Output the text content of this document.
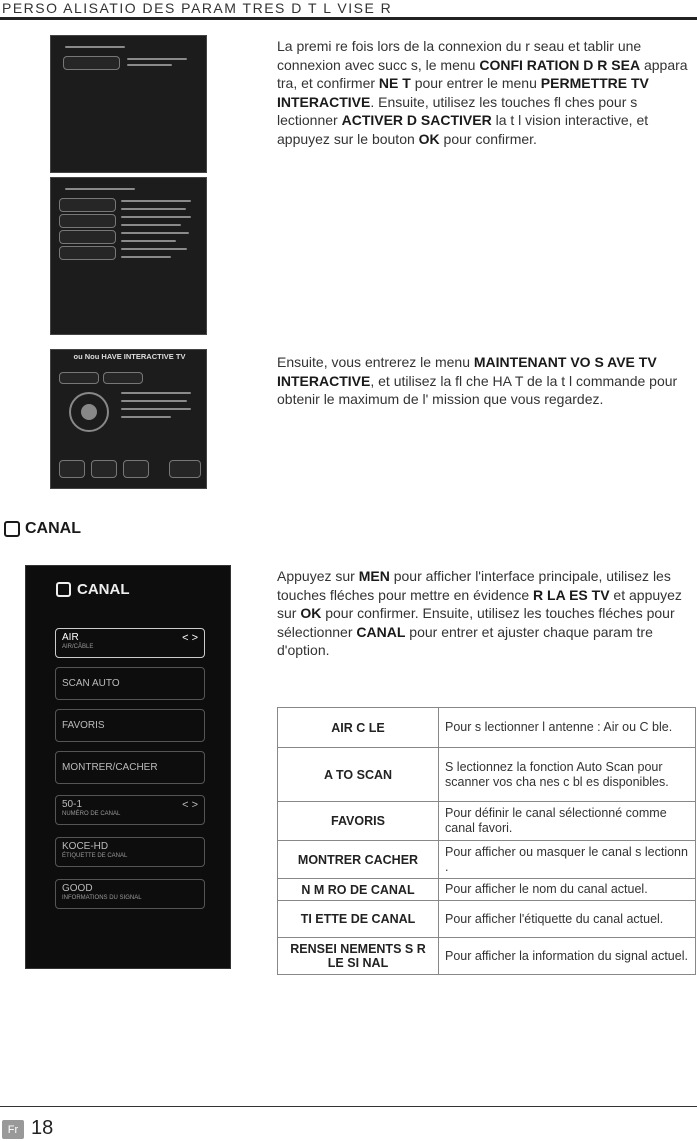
PERSO ALISATIO DES PARAM TRES D T L VISE R
ou Nou HAVE INTERACTIVE TV
La premi re fois lors de la connexion du r seau et tablir une connexion avec succ s, le menu CONFI RATION D R SEA appara tra, et confirmer NE T pour entrer le menu PERMETTRE TV INTERACTIVE. Ensuite, utilisez les touches fl ches pour s lectionner ACTIVER D SACTIVER la t l vision interactive, et appuyez sur le bouton OK pour confirmer.
Ensuite, vous entrerez le menu MAINTENANT VO S AVE TV INTERACTIVE, et utilisez la fl che HA T de la t l commande pour obtenir le maximum de l' mission que vous regardez.
CANAL
CANAL
AIR
AIR/CÂBLE
< >
SCAN AUTO
FAVORIS
MONTRER/CACHER
50-1
NUMÉRO DE CANAL
< >
KOCE-HD
ÉTIQUETTE DE CANAL
GOOD
INFORMATIONS DU SIGNAL
Appuyez sur MEN pour afficher l'interface principale, utilisez les touches fléches pour mettre en évidence R LA ES TV et appuyez sur OK pour confirmer. Ensuite, utilisez les touches fléches pour sélectionner CANAL pour entrer et ajuster chaque param tre d'option.
AIR C LE	Pour s lectionner l antenne : Air ou C ble.
A TO SCAN	S lectionnez la fonction Auto Scan pour scanner vos cha nes c bl es disponibles.
FAVORIS	Pour définir le canal sélectionné comme canal favori.
MONTRER CACHER	Pour afficher ou masquer le canal s lectionn .
N M RO DE CANAL	Pour afficher le nom du canal actuel.
TI ETTE DE CANAL	Pour afficher l'étiquette du canal actuel.
RENSEI NEMENTS S R LE SI NAL	Pour afficher la information du signal actuel.
Fr 18
